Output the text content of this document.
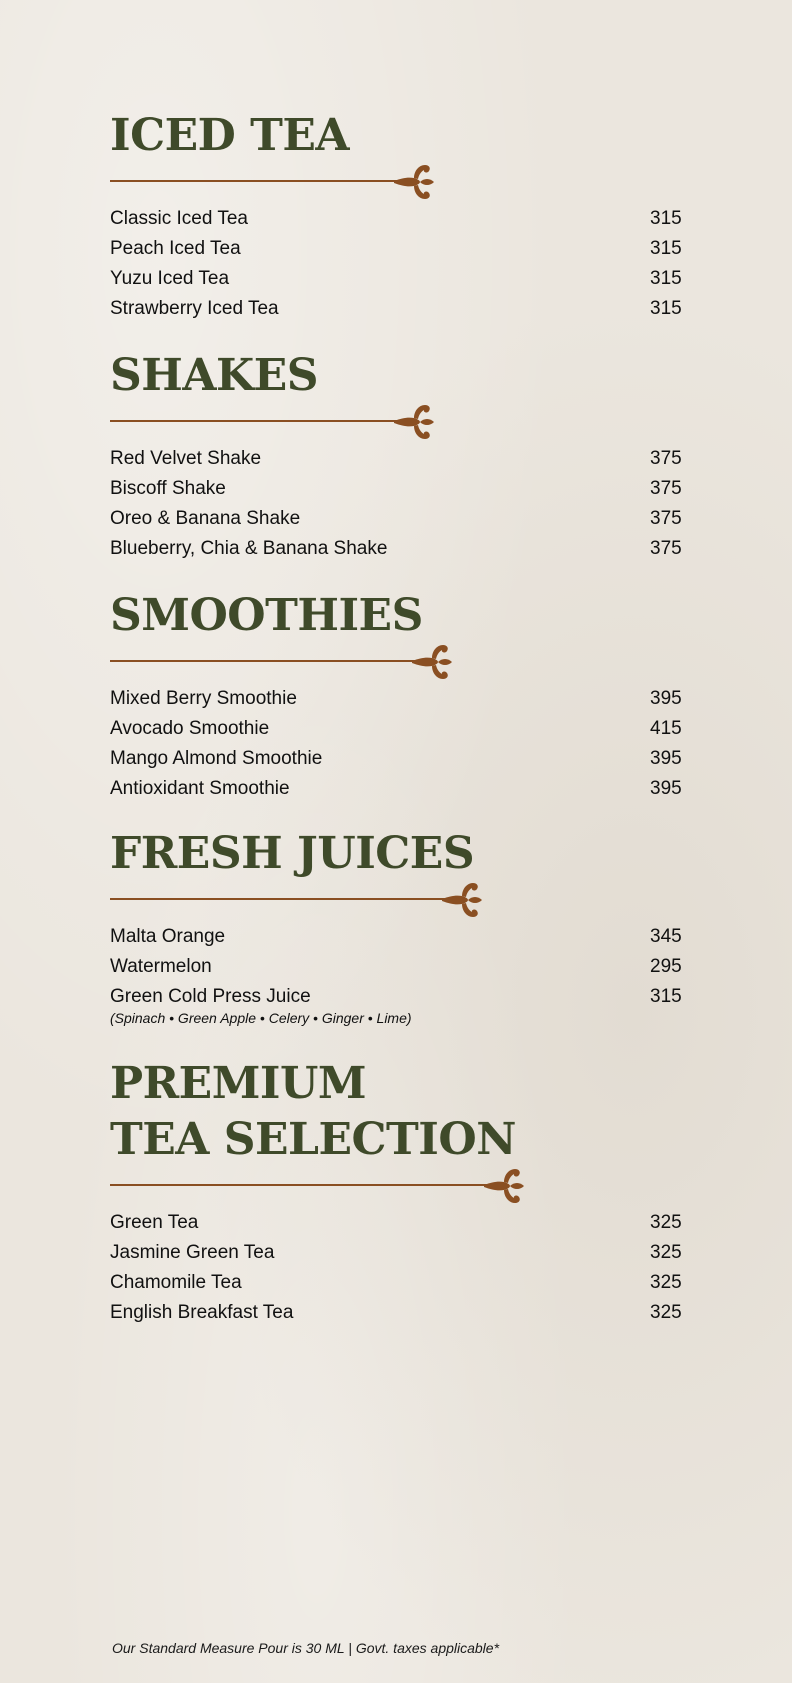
ICED TEA
Classic Iced Tea	315
Peach Iced Tea	315
Yuzu Iced Tea	315
Strawberry Iced Tea	315
SHAKES
Red Velvet Shake	375
Biscoff Shake	375
Oreo & Banana Shake	375
Blueberry, Chia & Banana Shake	375
SMOOTHIES
Mixed Berry Smoothie	395
Avocado Smoothie	415
Mango Almond Smoothie	395
Antioxidant Smoothie	395
FRESH JUICES
Malta Orange	345
Watermelon	295
Green Cold Press Juice	315
(Spinach • Green Apple • Celery • Ginger • Lime)
PREMIUM
TEA SELECTION
Green Tea	325
Jasmine Green Tea	325
Chamomile Tea	325
English Breakfast Tea	325
Our Standard Measure Pour is 30 ML | Govt. taxes applicable*
